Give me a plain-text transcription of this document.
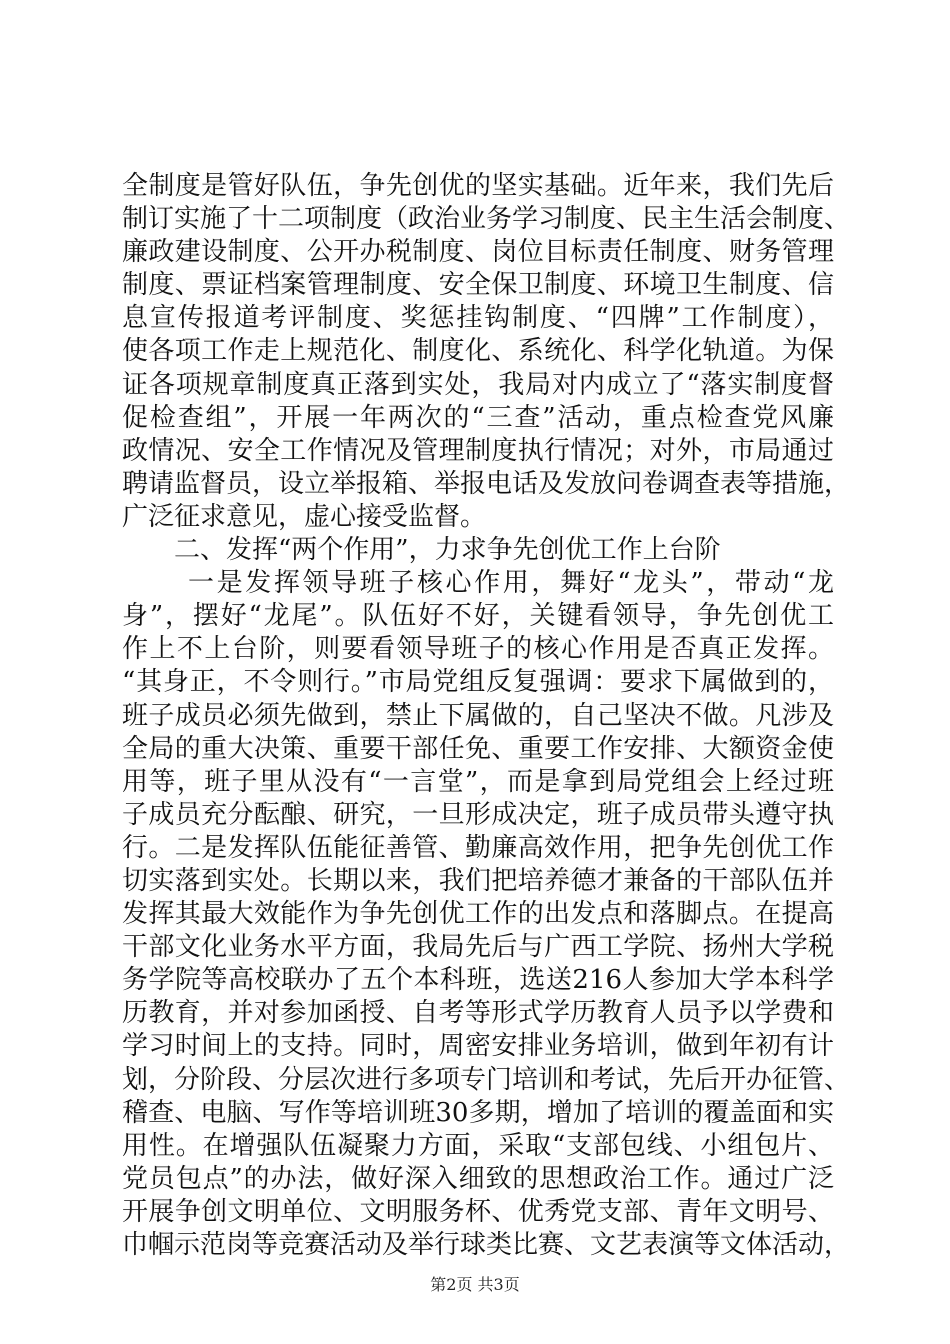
全制度是管好队伍，争先创优的坚实基础。近年来，我们先后
制订实施了十二项制度（政治业务学习制度、民主生活会制度、
廉政建设制度、公开办税制度、岗位目标责任制度、财务管理
制度、票证档案管理制度、安全保卫制度、环境卫生制度、信
息宣传报道考评制度、奖惩挂钩制度、“四牌”工作制度），
使各项工作走上规范化、制度化、系统化、科学化轨道。为保
证各项规章制度真正落到实处，我局对内成立了“落实制度督
促检查组”，开展一年两次的“三查”活动，重点检查党风廉
政情况、安全工作情况及管理制度执行情况；对外，市局通过
聘请监督员，设立举报箱、举报电话及发放问卷调查表等措施，
广泛征求意见，虚心接受监督。
二、发挥“两个作用”，力求争先创优工作上台阶
一是发挥领导班子核心作用，舞好“龙头”，带动“龙
身”，摆好“龙尾”。队伍好不好，关键看领导，争先创优工
作上不上台阶，则要看领导班子的核心作用是否真正发挥。
“其身正，不令则行。”市局党组反复强调：要求下属做到的，
班子成员必须先做到，禁止下属做的，自己坚决不做。凡涉及
全局的重大决策、重要干部任免、重要工作安排、大额资金使
用等，班子里从没有“一言堂”，而是拿到局党组会上经过班
子成员充分酝酿、研究，一旦形成决定，班子成员带头遵守执
行。二是发挥队伍能征善管、勤廉高效作用，把争先创优工作
切实落到实处。长期以来，我们把培养德才兼备的干部队伍并
发挥其最大效能作为争先创优工作的出发点和落脚点。在提高
干部文化业务水平方面，我局先后与广西工学院、扬州大学税
务学院等高校联办了五个本科班，选送216人参加大学本科学
历教育，并对参加函授、自考等形式学历教育人员予以学费和
学习时间上的支持。同时，周密安排业务培训，做到年初有计
划，分阶段、分层次进行多项专门培训和考试，先后开办征管、
稽查、电脑、写作等培训班30多期，增加了培训的覆盖面和实
用性。在增强队伍凝聚力方面，采取“支部包线、小组包片、
党员包点”的办法，做好深入细致的思想政治工作。通过广泛
开展争创文明单位、文明服务杯、优秀党支部、青年文明号、
巾帼示范岗等竞赛活动及举行球类比赛、文艺表演等文体活动，
第2页 共3页
